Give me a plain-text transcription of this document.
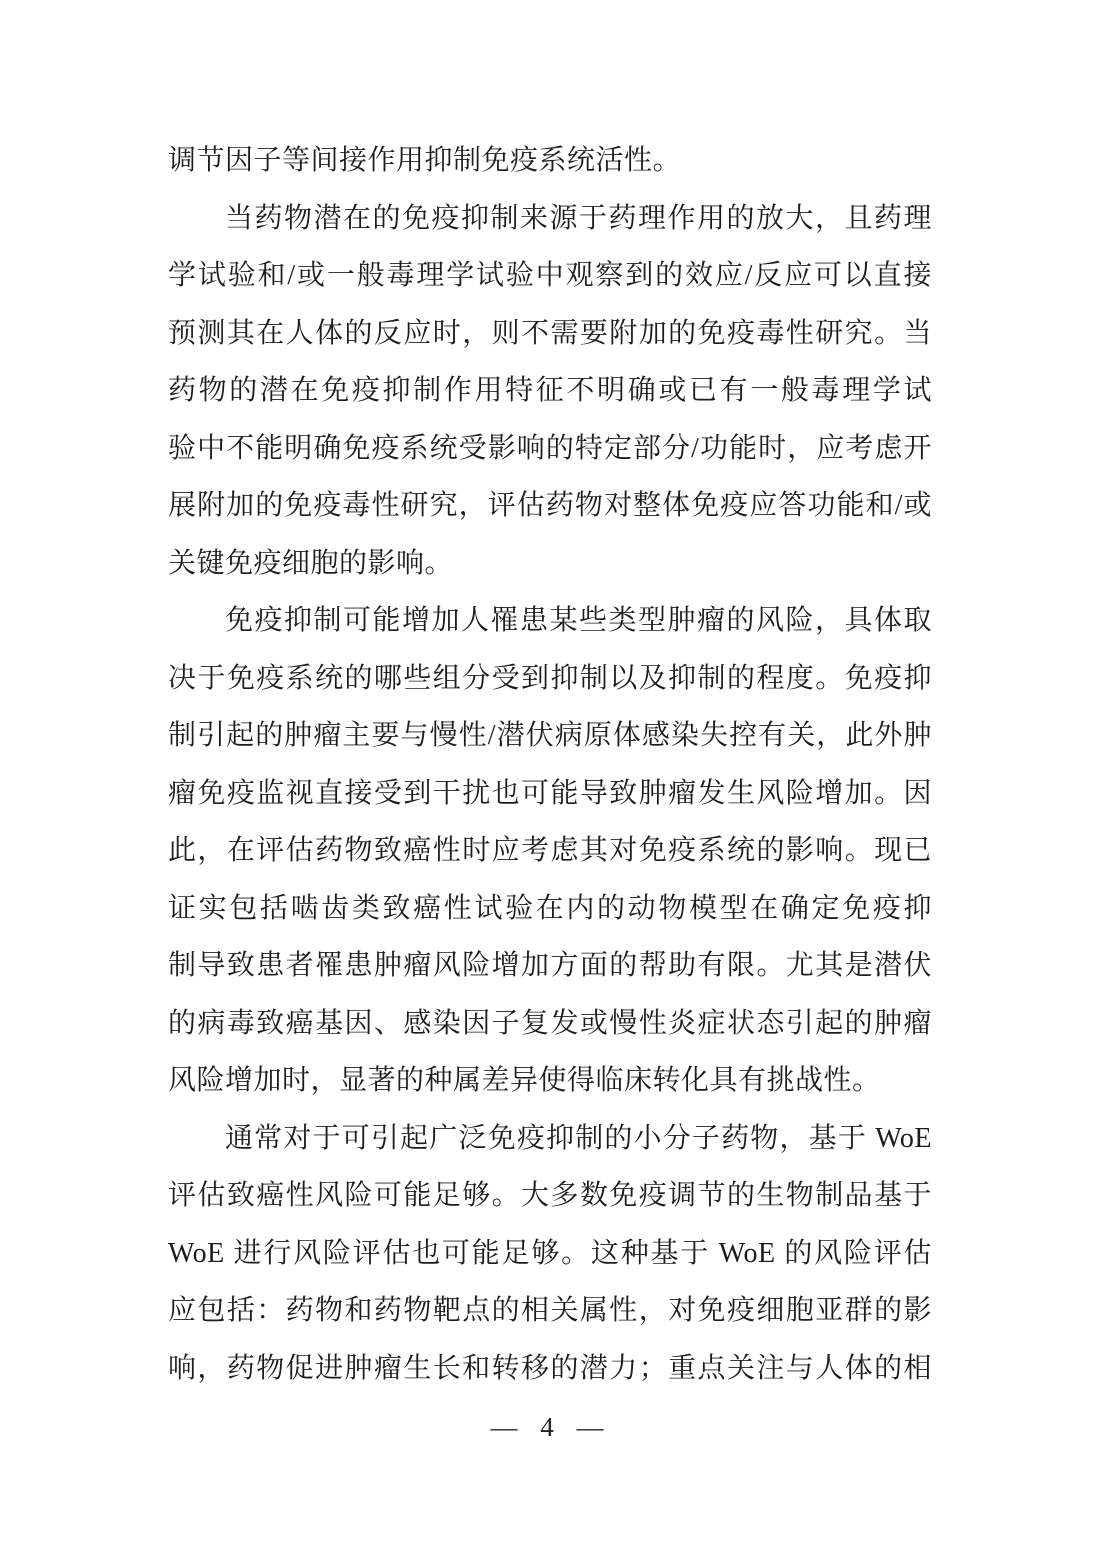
调节因子等间接作用抑制免疫系统活性。

当药物潜在的免疫抑制来源于药理作用的放大，且药理

学试验和/或一般毒理学试验中观察到的效应/反应可以直接

预测其在人体的反应时，则不需要附加的免疫毒性研究。当

药物的潜在免疫抑制作用特征不明确或已有一般毒理学试

验中不能明确免疫系统受影响的特定部分/功能时，应考虑开

展附加的免疫毒性研究，评估药物对整体免疫应答功能和/或

关键免疫细胞的影响。

免疫抑制可能增加人罹患某些类型肿瘤的风险，具体取

决于免疫系统的哪些组分受到抑制以及抑制的程度。免疫抑

制引起的肿瘤主要与慢性/潜伏病原体感染失控有关，此外肿

瘤免疫监视直接受到干扰也可能导致肿瘤发生风险增加。因

此，在评估药物致癌性时应考虑其对免疫系统的影响。现已

证实包括啮齿类致癌性试验在内的动物模型在确定免疫抑

制导致患者罹患肿瘤风险增加方面的帮助有限。尤其是潜伏

的病毒致癌基因、感染因子复发或慢性炎症状态引起的肿瘤

风险增加时，显著的种属差异使得临床转化具有挑战性。

通常对于可引起广泛免疫抑制的小分子药物，基于 WoE

评估致癌性风险可能足够。大多数免疫调节的生物制品基于

WoE 进行风险评估也可能足够。这种基于 WoE 的风险评估

应包括：药物和药物靶点的相关属性，对免疫细胞亚群的影

响，药物促进肿瘤生长和转移的潜力；重点关注与人体的相

— 4 —
